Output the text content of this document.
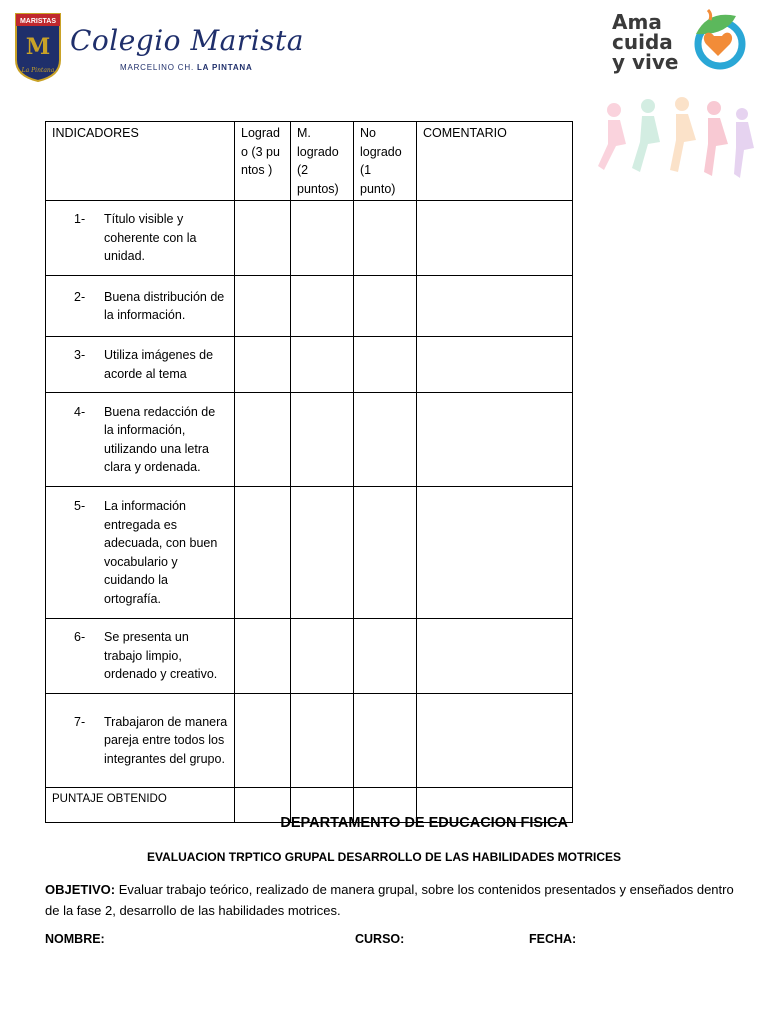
MARISTAS
M
La Pintana
Colegio Marista
MARCELINO CH. LA PINTANA
Ama
cuida
y vive
INDICADORES	Logrado (3 puntos )	M. logrado (2 puntos)	No logrado (1 punto)	COMENTARIO

1- Título visible y coherente con la unidad.				

2- Buena distribución de la información.				

3- Utiliza imágenes de acorde al tema				

4- Buena redacción de la información, utilizando una letra clara y ordenada.				

5- La información entregada es adecuada, con buen vocabulario y cuidando la ortografía.				

6- Se presenta un trabajo limpio, ordenado y creativo.				

7- Trabajaron de manera pareja entre todos los integrantes del grupo.				

PUNTAJE OBTENIDO				
DEPARTAMENTO DE EDUCACION FISICA
EVALUACION TRPTICO GRUPAL DESARROLLO DE LAS HABILIDADES MOTRICES
OBJETIVO: Evaluar trabajo teórico, realizado de manera grupal, sobre los contenidos presentados y enseñados dentro de la fase 2, desarrollo de las habilidades motrices.
NOMBRE:	CURSO:	FECHA:
